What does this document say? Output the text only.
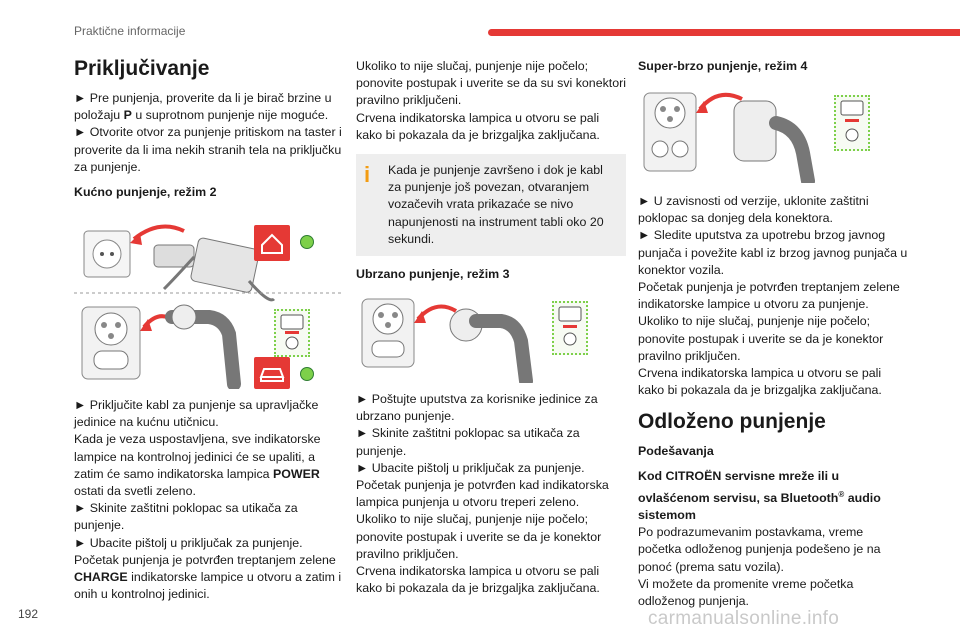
Praktične informacije
192	carmanualsonline.info
Priključivanje

► Pre punjenja, proverite da li je birač brzine u položaju P u suprotnom punjenje nije moguće.

► Otvorite otvor za punjenje pritiskom na taster i proverite da li ima nekih stranih tela na priključku za punjenje.

Kućno punjenje, režim 2

► Priključite kabl za punjenje sa upravljačke jedinice na kućnu utičnicu.

Kada je veza uspostavljena, sve indikatorske lampice na kontrolnoj jedinici će se upaliti, a zatim će samo indikatorska lampica POWER ostati da svetli zeleno.

► Skinite zaštitni poklopac sa utikača za punjenje.

► Ubacite pištolj u priključak za punjenje.

Početak punjenja je potvrđen treptanjem zelene CHARGE indikatorske lampice u otvoru a zatim i onih u kontrolnoj jedinici.

Ukoliko to nije slučaj, punjenje nije počelo; ponovite postupak i uverite se da su svi konektori pravilno priključeni.

Crvena indikatorska lampica u otvoru se pali kako bi pokazala da je brizgaljka zaključana.

i	Kada je punjenje završeno i dok je kabl za punjenje još povezan, otvaranjem vozačevih vrata prikazaće se nivo napunjenosti na instrument tabli oko 20 sekundi.

Ubrzano punjenje, režim 3

► Poštujte uputstva za korisnike jedinice za ubrzano punjenje.

► Skinite zaštitni poklopac sa utikača za punjenje.

► Ubacite pištolj u priključak za punjenje.

Početak punjenja je potvrđen kad indikatorska lampica punjenja u otvoru treperi zeleno.

Ukoliko to nije slučaj, punjenje nije počelo; ponovite postupak i uverite se da je konektor pravilno priključen.

Crvena indikatorska lampica u otvoru se pali kako bi pokazala da je brizgaljka zaključana.

Super-brzo punjenje, režim 4

► U zavisnosti od verzije, uklonite zaštitni poklopac sa donjeg dela konektora.

► Sledite uputstva za upotrebu brzog javnog punjača i povežite kabl iz brzog javnog punjača u konektor vozila.

Početak punjenja je potvrđen treptanjem zelene indikatorske lampice u otvoru za punjenje.

Ukoliko to nije slučaj, punjenje nije počelo; ponovite postupak i uverite se da je konektor pravilno priključen.

Crvena indikatorska lampica u otvoru se pali kako bi pokazala da je brizgaljka zaključana.

Odloženo punjenje
Podešavanja

Kod CITROËN servisne mreže ili u ovlašćenom servisu, sa Bluetooth® audio sistemom

Po podrazumevanim postavkama, vreme početka odloženog punjenja podešeno je na ponoć (prema satu vozila).

Vi možete da promenite vreme početka odloženog punjenja.
